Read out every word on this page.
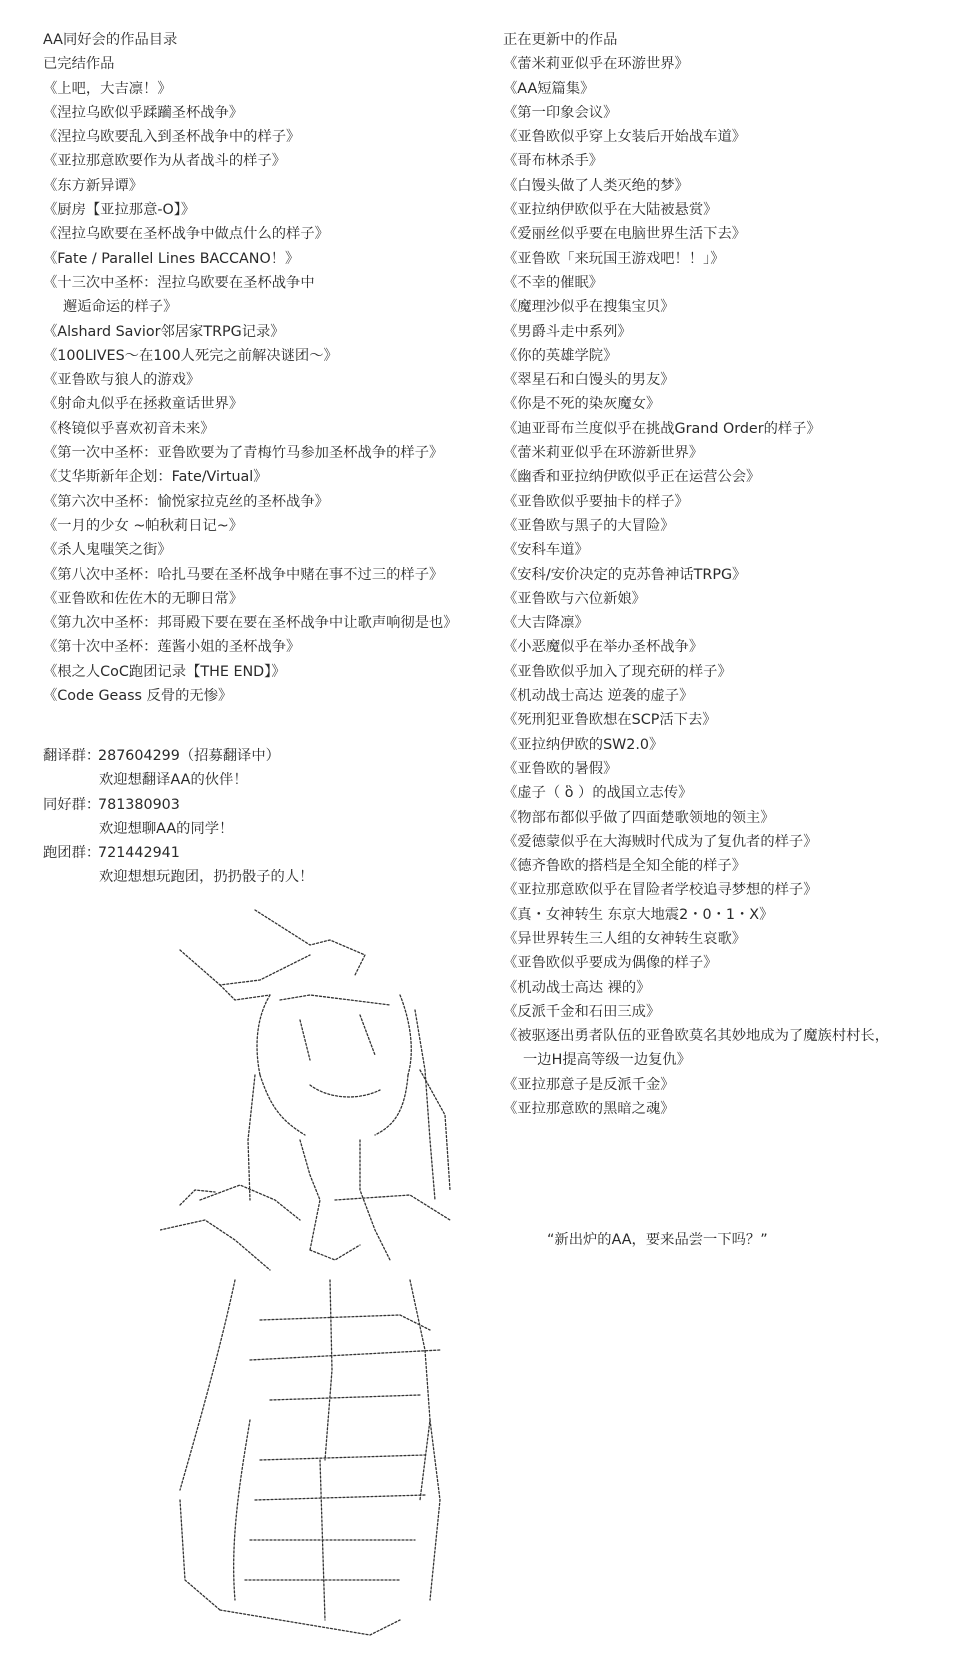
AA同好会的作品目录
已完结作品
《上吧，大吉凛！》
《涅拉乌欧似乎蹂躏圣杯战争》
《涅拉乌欧要乱入到圣杯战争中的样子》
《亚拉那意欧要作为从者战斗的样子》
《东方新异谭》
《厨房【亚拉那意-O】》
《涅拉乌欧要在圣杯战争中做点什么的样子》
《Fate / Parallel Lines BACCANO！》
《十三次中圣杯：涅拉乌欧要在圣杯战争中
邂逅命运的样子》
《Alshard Savior邻居家TRPG记录》
《100LIVES～在100人死完之前解决谜团～》
《亚鲁欧与狼人的游戏》
《射命丸似乎在拯救童话世界》
《柊镜似乎喜欢初音未来》
《第一次中圣杯：亚鲁欧要为了青梅竹马参加圣杯战争的样子》
《艾华斯新年企划：Fate/Virtual》
《第六次中圣杯：愉悦家拉克丝的圣杯战争》
《一月的少女 ~帕秋莉日记~》
《杀人鬼嗤笑之街》
《第八次中圣杯：哈扎马要在圣杯战争中赌在事不过三的样子》
《亚鲁欧和佐佐木的无聊日常》
《第九次中圣杯：邦哥殿下要在要在圣杯战争中让歌声响彻是也》
《第十次中圣杯：莲酱小姐的圣杯战争》
《根之人CoC跑团记录【THE END】》
《Code Geass 反骨的无惨》
正在更新中的作品
《蕾米莉亚似乎在环游世界》
《AA短篇集》
《第一印象会议》
《亚鲁欧似乎穿上女装后开始战车道》
《哥布林杀手》
《白馒头做了人类灭绝的梦》
《亚拉纳伊欧似乎在大陆被悬赏》
《爱丽丝似乎要在电脑世界生活下去》
《亚鲁欧「来玩国王游戏吧！！」》
《不幸的催眠》
《魔理沙似乎在搜集宝贝》
《男爵斗走中系列》
《你的英雄学院》
《翠星石和白馒头的男友》
《你是不死的染灰魔女》
《迪亚哥布兰度似乎在挑战Grand Order的样子》
《蕾米莉亚似乎在环游新世界》
《幽香和亚拉纳伊欧似乎正在运营公会》
《亚鲁欧似乎要抽卡的样子》
《亚鲁欧与黑子的大冒险》
《安科车道》
《安科/安价决定的克苏鲁神话TRPG》
《亚鲁欧与六位新娘》
《大吉降凛》
《小恶魔似乎在举办圣杯战争》
《亚鲁欧似乎加入了现充研的样子》
《机动战士高达 逆袭的虚子》
《死刑犯亚鲁欧想在SCP活下去》
《亚拉纳伊欧的SW2.0》
《亚鲁欧的暑假》
《虚子（ ὃ ）的战国立志传》
《物部布都似乎做了四面楚歌领地的领主》
《爱德蒙似乎在大海贼时代成为了复仇者的样子》
《德齐鲁欧的搭档是全知全能的样子》
《亚拉那意欧似乎在冒险者学校追寻梦想的样子》
《真・女神转生 东京大地震2・0・1・X》
《异世界转生三人组的女神转生哀歌》
《亚鲁欧似乎要成为偶像的样子》
《机动战士高达 裸的》
《反派千金和石田三成》
《被驱逐出勇者队伍的亚鲁欧莫名其妙地成为了魔族村村长，
一边H提高等级一边复仇》
《亚拉那意子是反派千金》
《亚拉那意欧的黑暗之魂》
翻译群：287604299（招募翻译中）
欢迎想翻译AA的伙伴！
同好群：781380903
欢迎想聊AA的同学！
跑团群：721442941
欢迎想想玩跑团，扔扔骰子的人！
“新出炉的AA，要来品尝一下吗？”
